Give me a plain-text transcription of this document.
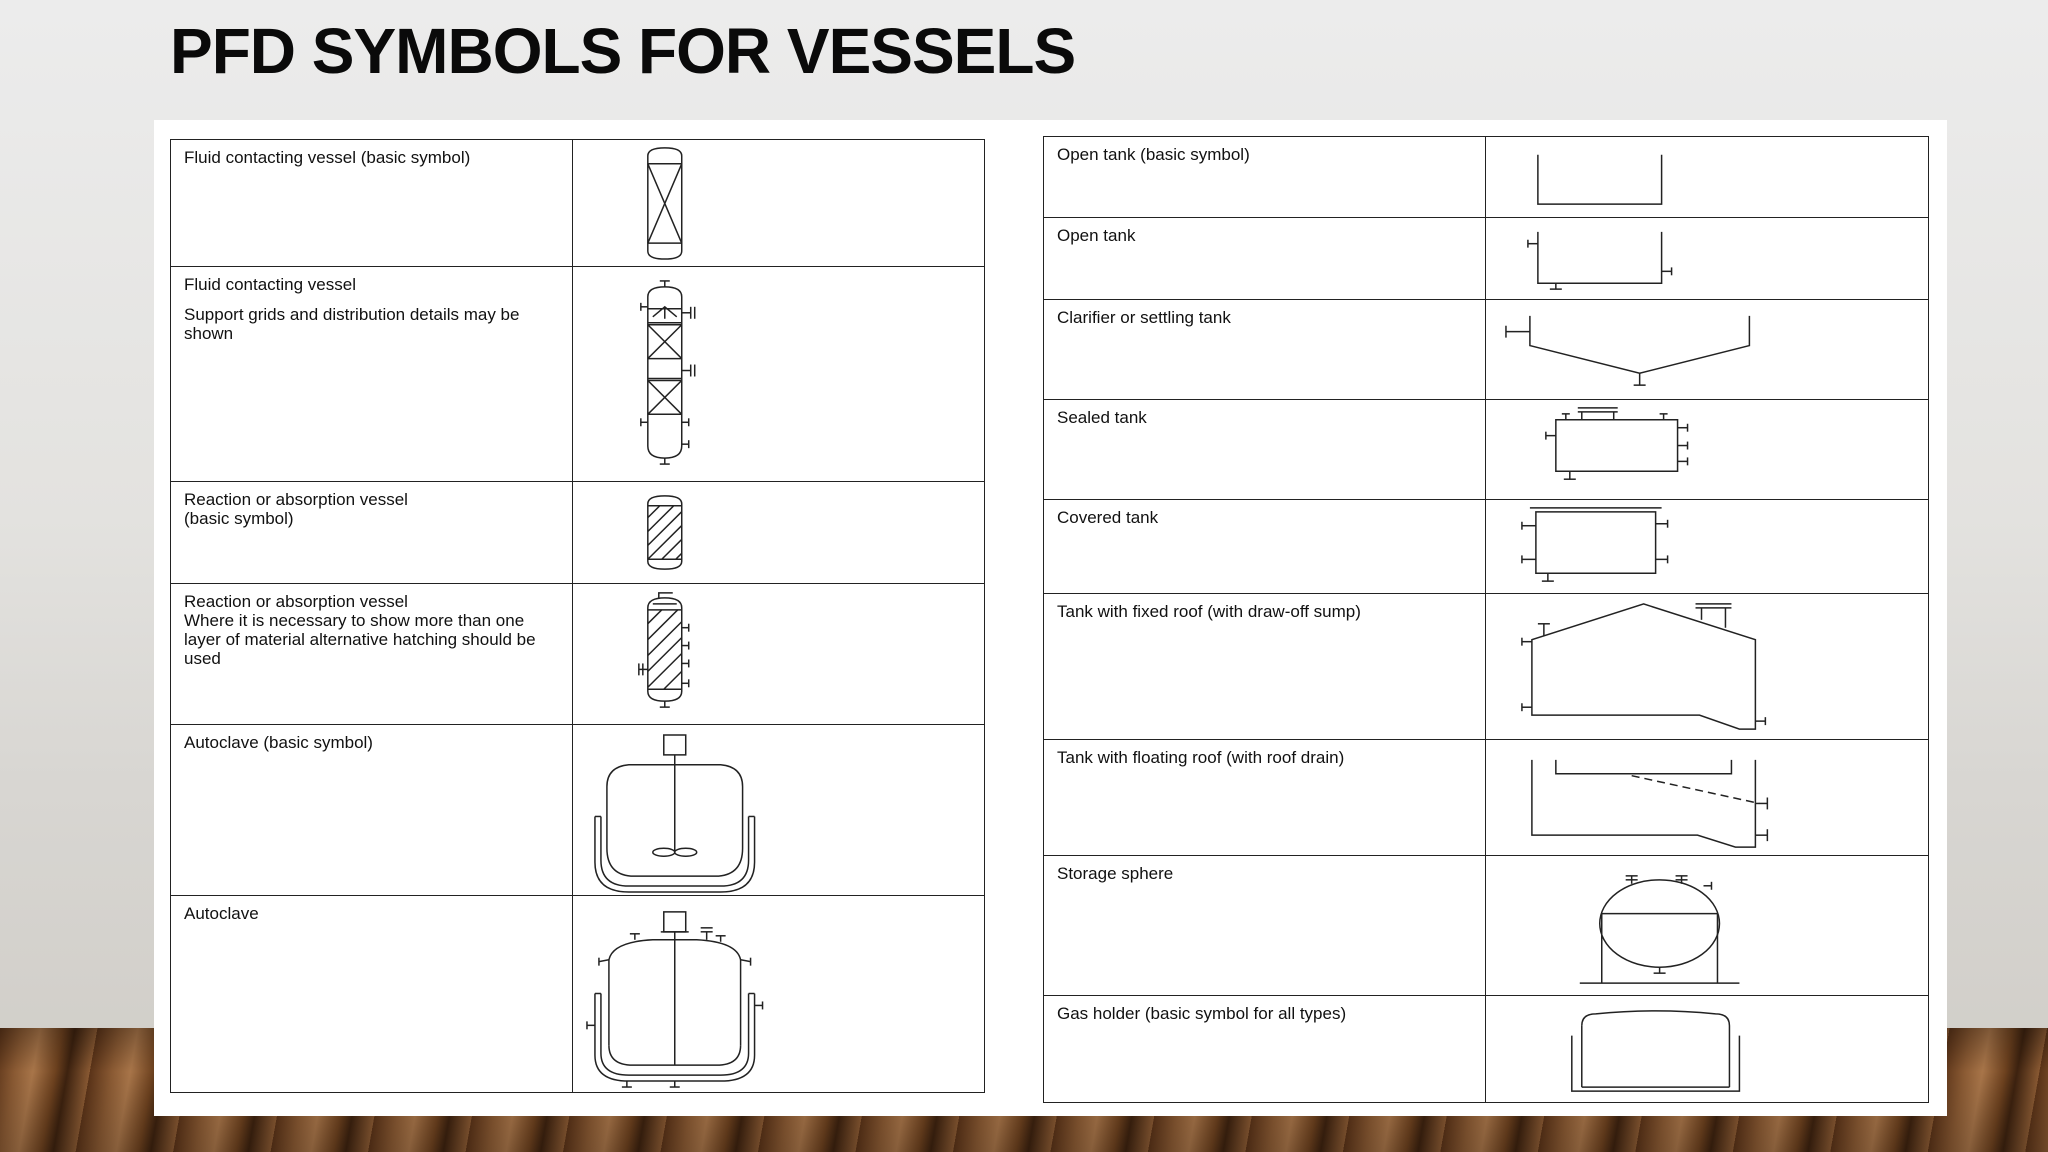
PFD SYMBOLS FOR VESSELS
Fluid contacting vessel (basic symbol)	

Fluid contacting vessel
Support grids and distribution details may be shown

Reaction or absorption vessel
(basic symbol)

Reaction or absorption vessel
Where it is necessary to show more than one layer of material alternative hatching should be used

Autoclave (basic symbol)	

Autoclave	
Open tank (basic symbol)	

Open tank	

Clarifier or settling tank	

Sealed tank	

Covered tank	

Tank with fixed roof (with draw-off sump)	

Tank with floating roof (with roof drain)	

Storage sphere	

Gas holder (basic symbol for all types)	
